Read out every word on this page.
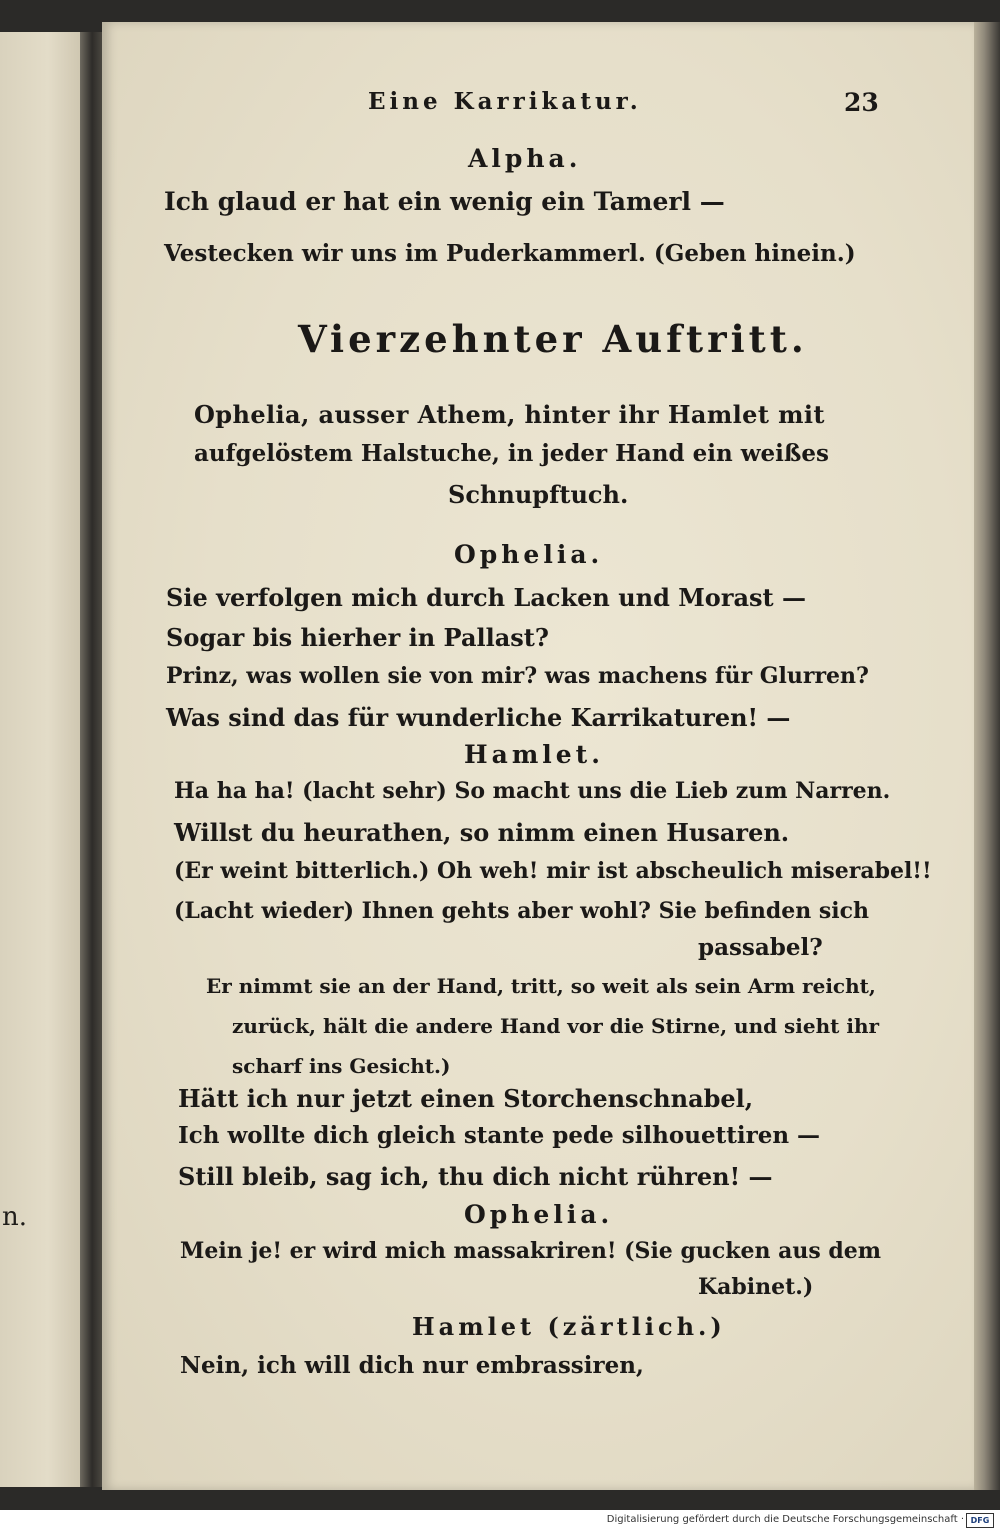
n.
Eine Karrikatur.	23
Alpha.
Ich glaud er hat ein wenig ein Tamerl —
Vestecken wir uns im Puderkammerl. (Geben hinein.)
Vierzehnter Auftritt.
Ophelia, ausser Athem, hinter ihr Hamlet mit
aufgelöstem Halstuche, in jeder Hand ein weißes
Schnupftuch.
Ophelia.
Sie verfolgen mich durch Lacken und Morast —
Sogar bis hierher in Pallast?
Prinz, was wollen sie von mir? was machens für Glurren?
Was sind das für wunderliche Karrikaturen! —
Hamlet.
Ha ha ha! (lacht sehr) So macht uns die Lieb zum Narren.
Willst du heurathen, so nimm einen Husaren.
(Er weint bitterlich.) Oh weh! mir ist abscheulich miserabel!!
(Lacht wieder) Ihnen gehts aber wohl? Sie befinden sich
passabel?
Er nimmt sie an der Hand, tritt, so weit als sein Arm reicht,
zurück, hält die andere Hand vor die Stirne, und sieht ihr
scharf ins Gesicht.)
Hätt ich nur jetzt einen Storchenschnabel,
Ich wollte dich gleich stante pede silhouettiren —
Still bleib, sag ich, thu dich nicht rühren! —
Ophelia.
Mein je! er wird mich massakriren! (Sie gucken aus dem
Kabinet.)
Hamlet (zärtlich.)
Nein, ich will dich nur embrassiren,
Digitalisierung gefördert durch die Deutsche Forschungsgemeinschaft · DFG
